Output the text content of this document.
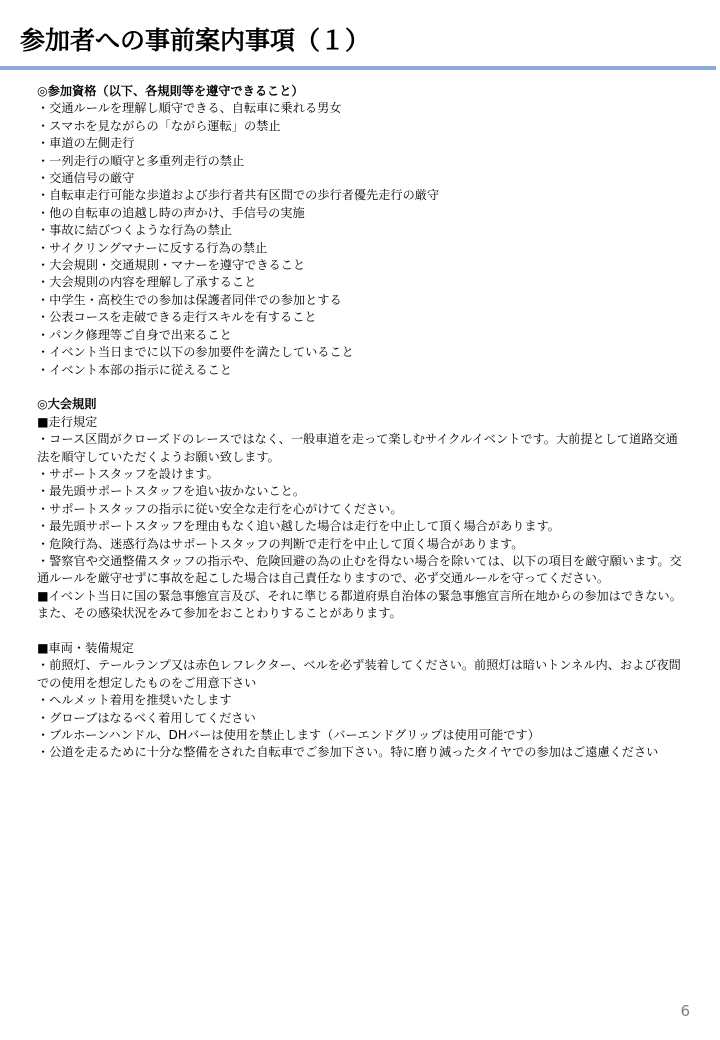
参加者への事前案内事項（１）

◎参加資格（以下、各規則等を遵守できること）

・交通ルールを理解し順守できる、自転車に乗れる男女

・スマホを見ながらの「ながら運転」の禁止

・車道の左側走行

・一列走行の順守と多重列走行の禁止

・交通信号の厳守

・自転車走行可能な歩道および歩行者共有区間での歩行者優先走行の厳守

・他の自転車の追越し時の声かけ、手信号の実施

・事故に結びつくような行為の禁止

・サイクリングマナーに反する行為の禁止

・大会規則・交通規則・マナーを遵守できること

・大会規則の内容を理解し了承すること

・中学生・高校生での参加は保護者同伴での参加とする

・公表コースを走破できる走行スキルを有すること

・パンク修理等ご自身で出来ること

・イベント当日までに以下の参加要件を満たしていること

・イベント本部の指示に従えること

◎大会規則

■走行規定

・コース区間がクローズドのレースではなく、一般車道を走って楽しむサイクルイベントです。大前提として道路交通法を順守していただくようお願い致します。

・サポートスタッフを設けます。

・最先頭サポートスタッフを追い抜かないこと。

・サポートスタッフの指示に従い安全な走行を心がけてください。

・最先頭サポートスタッフを理由もなく追い越した場合は走行を中止して頂く場合があります。

・危険行為、迷惑行為はサポートスタッフの判断で走行を中止して頂く場合があります。

・警察官や交通整備スタッフの指示や、危険回避の為の止むを得ない場合を除いては、以下の項目を厳守願います。交通ルールを厳守せずに事故を起こした場合は自己責任なりますので、必ず交通ルールを守ってください。

■イベント当日に国の緊急事態宣言及び、それに準じる都道府県自治体の緊急事態宣言所在地からの参加はできない。また、その感染状況をみて参加をおことわりすることがあります。

■車両・装備規定

・前照灯、テールランプ又は赤色レフレクター、ベルを必ず装着してください。前照灯は暗いトンネル内、および夜間での使用を想定したものをご用意下さい

・ヘルメット着用を推奨いたします

・グローブはなるべく着用してください

・ブルホーンハンドル、DHバーは使用を禁止します（バーエンドグリップは使用可能です）

・公道を走るために十分な整備をされた自転車でご参加下さい。特に磨り減ったタイヤでの参加はご遠慮ください

6
